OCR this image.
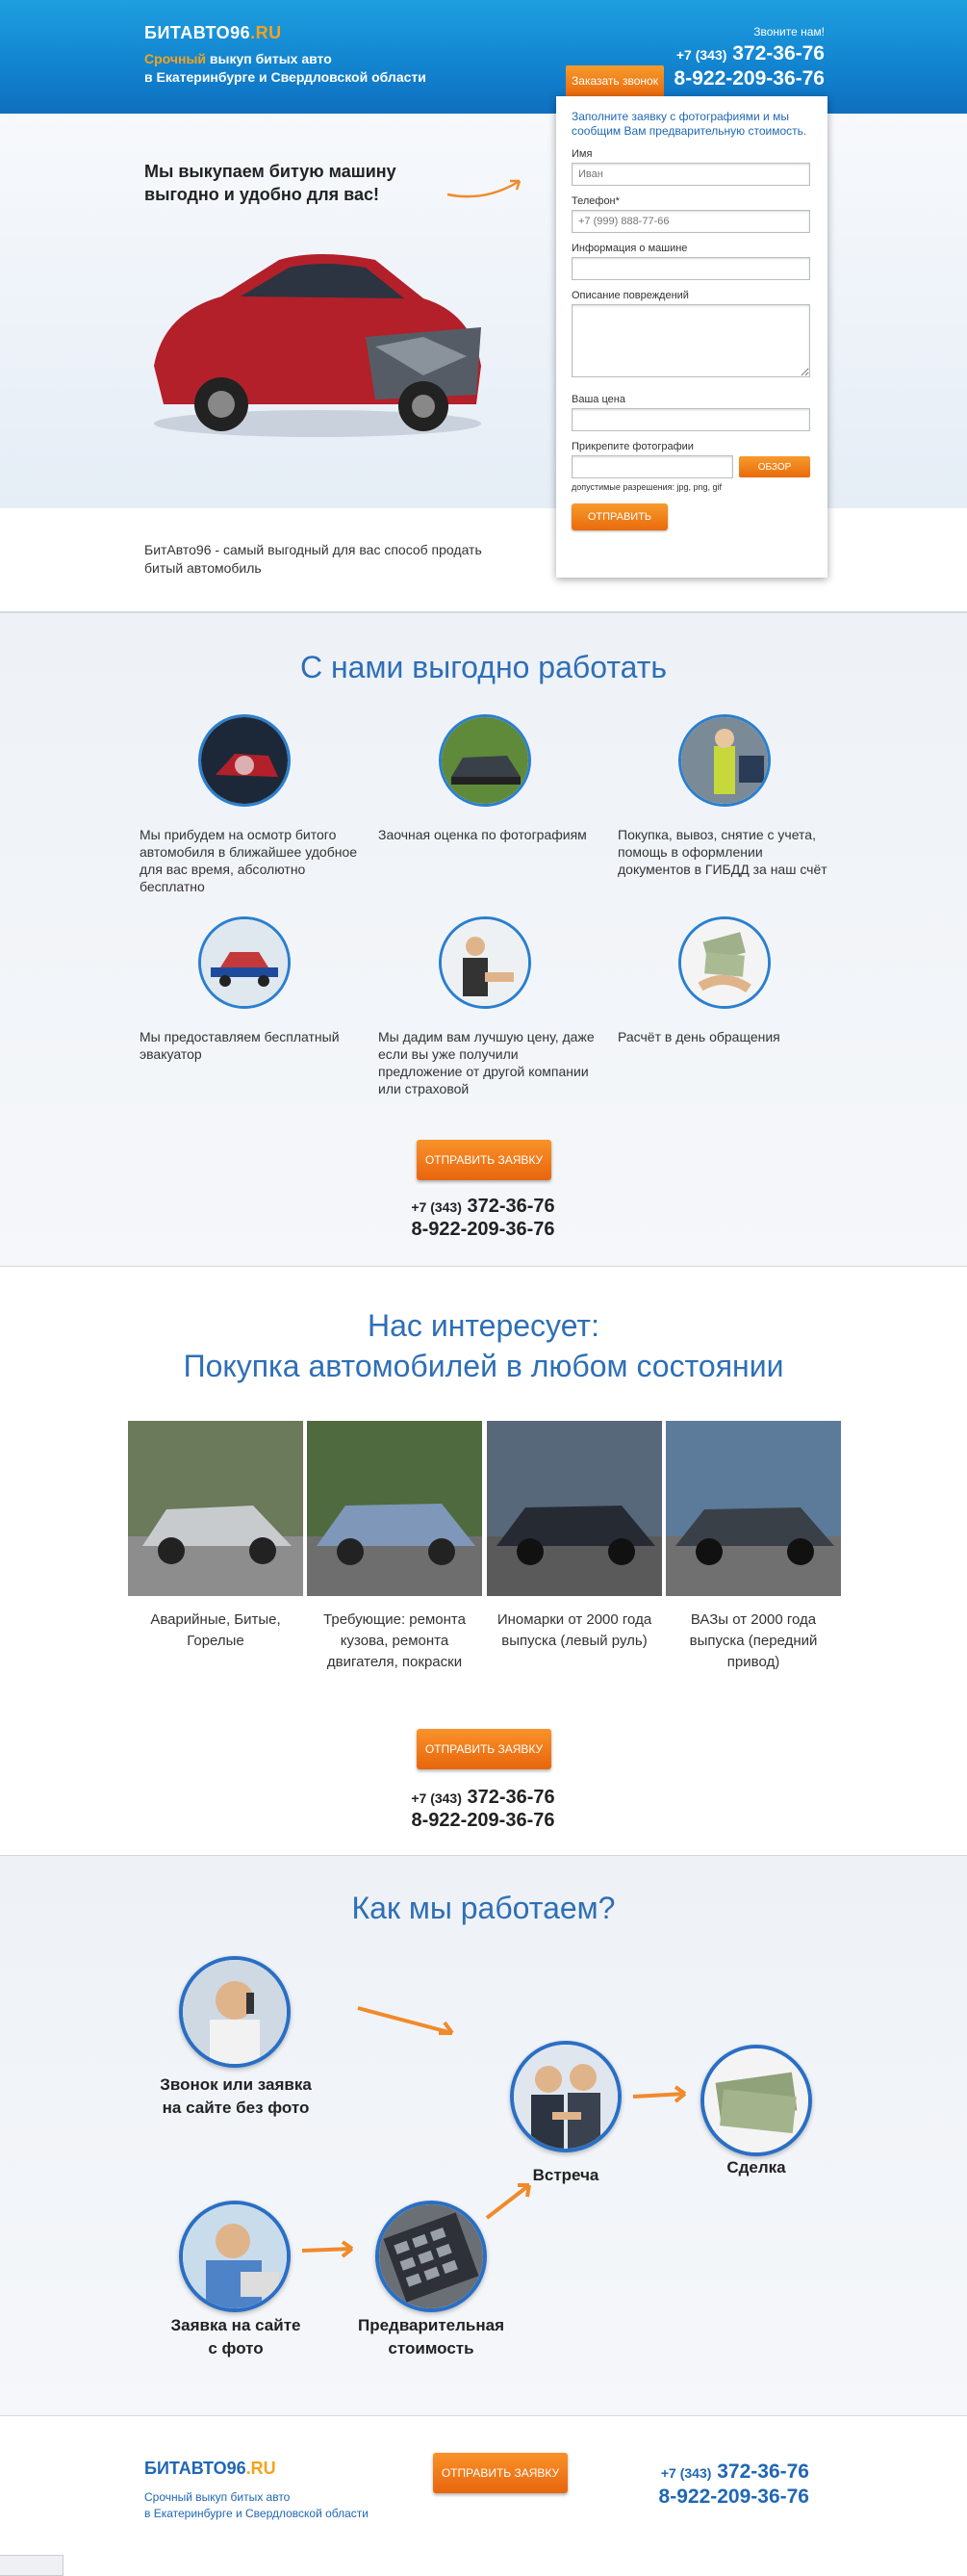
БИТАВТО96.RU
Срочный выкуп битых авто
в Екатеринбурге и Свердловской области
Звоните нам!
+7 (343) 372-36-76
8-922-209-36-76
Заказать звонок
Мы выкупаем битую машину выгодно и удобно для вас!
БитАвто96 - самый выгодный для вас способ продать битый автомобиль
Заполните заявку с фотографиями и мы сообщим Вам предварительную стоимость.
Имя
Иван
Телефон*
+7 (999) 888-77-66
Информация о машине
Описание повреждений
Ваша цена
Прикрепите фотографии
ОБЗОР
допустимые разрешения: jpg, png, gif
ОТПРАВИТЬ
С нами выгодно работать
Мы прибудем на осмотр битого автомобиля в ближайшее удобное для вас время, абсолютно бесплатно
Заочная оценка по фотографиям	Покупка, вывоз, снятие с учета, помощь в оформлении документов в ГИБДД за наш счёт
Мы предоставляем бесплатный эвакуатор
Мы дадим вам лучшую цену, даже если вы уже получили предложение от другой компании или страховой
Расчёт в день обращения
ОТПРАВИТЬ ЗАЯВКУ
+7 (343) 372-36-76
8-922-209-36-76
Нас интересует:
Покупка автомобилей в любом состоянии
Аварийные, Битые, Горелые
Требующие: ремонта кузова, ремонта двигателя, покраски
Иномарки от 2000 года выпуска (левый руль)
ВАЗы от 2000 года выпуска (передний привод)
ОТПРАВИТЬ ЗАЯВКУ
+7 (343) 372-36-76
8-922-209-36-76
Как мы работаем?
Звонок или заявка
на сайте без фото
Встреча	Сделка
Заявка на сайте
с фото
Предварительная
стоимость
БИТАВТО96.RU
Срочный выкуп битых авто
в Екатеринбурге и Свердловской области
ОТПРАВИТЬ ЗАЯВКУ	+7 (343) 372-36-76
8-922-209-36-76
